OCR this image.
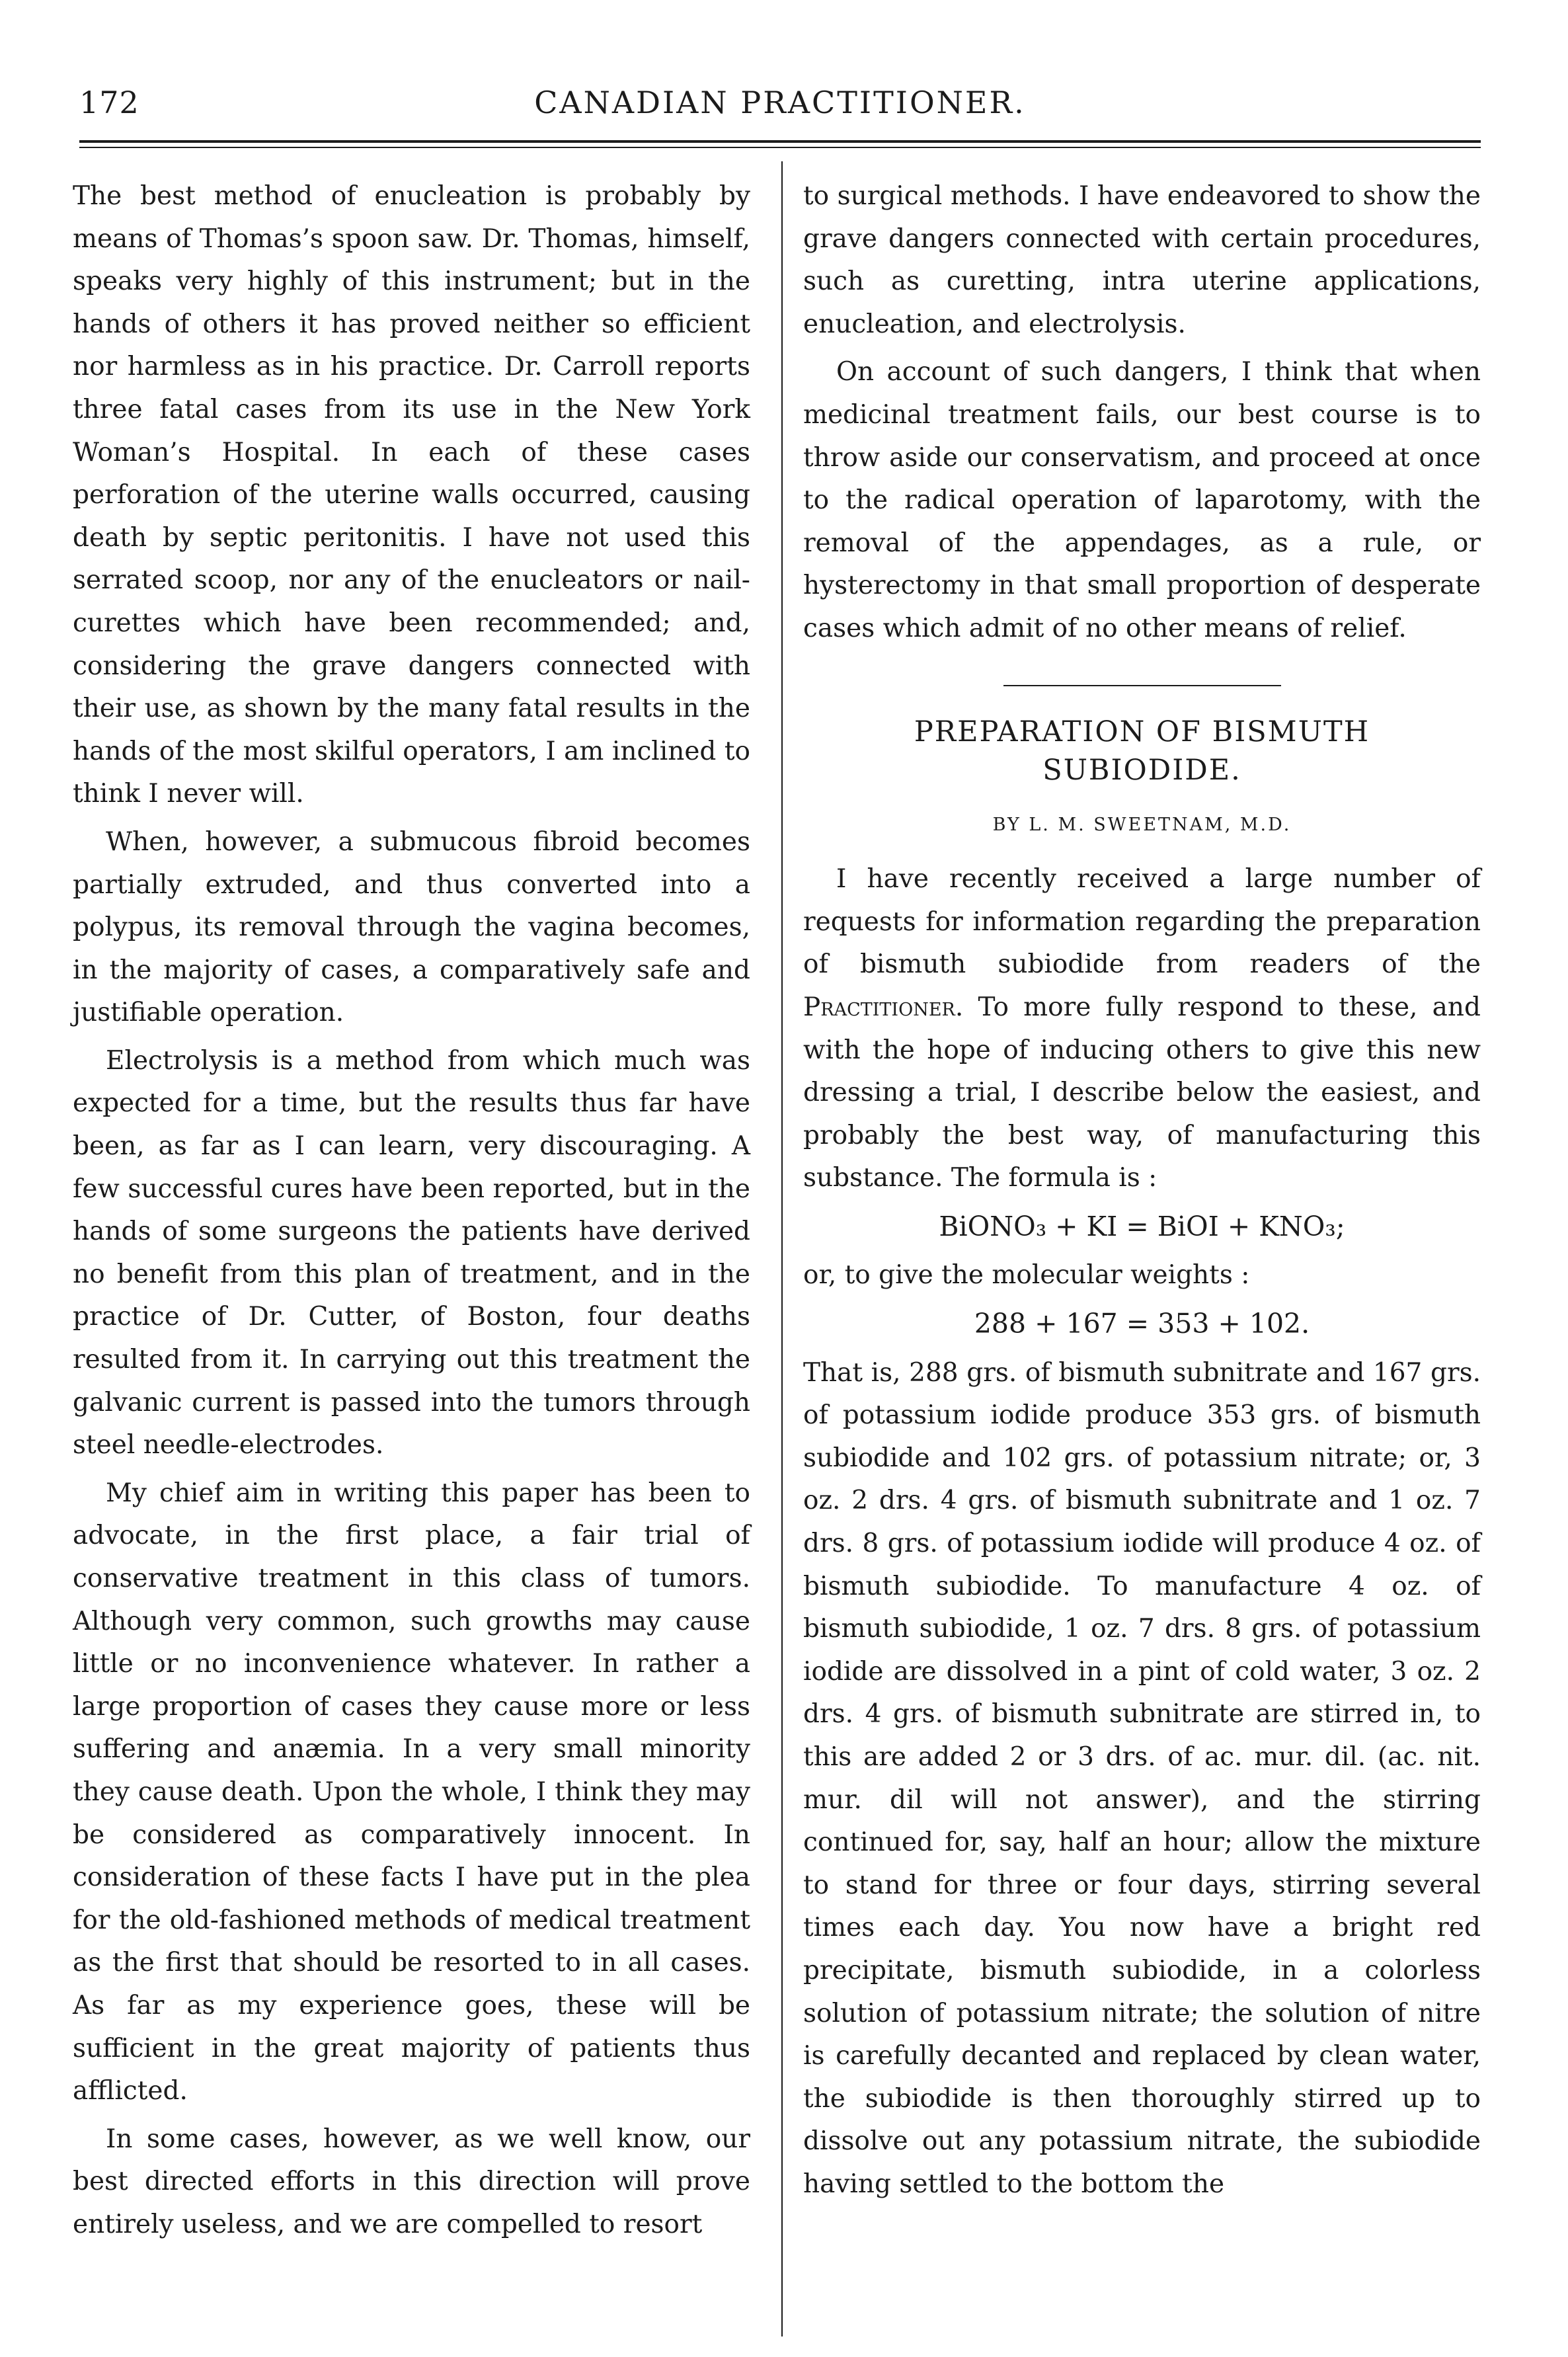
172	CANADIAN PRACTITIONER.

The best method of enucleation is probably by means of Thomas’s spoon saw. Dr. Thomas, himself, speaks very highly of this instrument; but in the hands of others it has proved neither so efficient nor harmless as in his practice. Dr. Carroll reports three fatal cases from its use in the New York Woman’s Hospital. In each of these cases perforation of the uterine walls occurred, causing death by septic peritonitis. I have not used this serrated scoop, nor any of the enucleators or nail-curettes which have been recommended; and, considering the grave dangers connected with their use, as shown by the many fatal results in the hands of the most skilful operators, I am inclined to think I never will.

When, however, a submucous fibroid becomes partially extruded, and thus converted into a polypus, its removal through the vagina becomes, in the majority of cases, a comparatively safe and justifiable operation.

Electrolysis is a method from which much was expected for a time, but the results thus far have been, as far as I can learn, very discouraging. A few successful cures have been reported, but in the hands of some surgeons the patients have derived no benefit from this plan of treatment, and in the practice of Dr. Cutter, of Boston, four deaths resulted from it. In carrying out this treatment the galvanic current is passed into the tumors through steel needle-electrodes.

My chief aim in writing this paper has been to advocate, in the first place, a fair trial of conservative treatment in this class of tumors. Although very common, such growths may cause little or no inconvenience whatever. In rather a large proportion of cases they cause more or less suffering and anæmia. In a very small minority they cause death. Upon the whole, I think they may be considered as comparatively innocent. In consideration of these facts I have put in the plea for the old-fashioned methods of medical treatment as the first that should be resorted to in all cases. As far as my experience goes, these will be sufficient in the great majority of patients thus afflicted.

In some cases, however, as we well know, our best directed efforts in this direction will prove entirely useless, and we are compelled to resort

to surgical methods. I have endeavored to show the grave dangers connected with certain procedures, such as curetting, intra uterine applications, enucleation, and electrolysis.

On account of such dangers, I think that when medicinal treatment fails, our best course is to throw aside our conservatism, and proceed at once to the radical operation of laparotomy, with the removal of the appendages, as a rule, or hysterectomy in that small proportion of desperate cases which admit of no other means of relief.

PREPARATION OF BISMUTH SUBIODIDE.
BY L. M. SWEETNAM, M.D.

I have recently received a large number of requests for information regarding the preparation of bismuth subiodide from readers of the Practitioner. To more fully respond to these, and with the hope of inducing others to give this new dressing a trial, I describe below the easiest, and probably the best way, of manufacturing this substance. The formula is :

BiONO₃ + KI = BiOI + KNO₃;
or, to give the molecular weights :
288 + 167 = 353 + 102.

That is, 288 grs. of bismuth subnitrate and 167 grs. of potassium iodide produce 353 grs. of bismuth subiodide and 102 grs. of potassium nitrate; or, 3 oz. 2 drs. 4 grs. of bismuth subnitrate and 1 oz. 7 drs. 8 grs. of potassium iodide will produce 4 oz. of bismuth subiodide. To manufacture 4 oz. of bismuth subiodide, 1 oz. 7 drs. 8 grs. of potassium iodide are dissolved in a pint of cold water, 3 oz. 2 drs. 4 grs. of bismuth subnitrate are stirred in, to this are added 2 or 3 drs. of ac. mur. dil. (ac. nit. mur. dil will not answer), and the stirring continued for, say, half an hour; allow the mixture to stand for three or four days, stirring several times each day. You now have a bright red precipitate, bismuth subiodide, in a colorless solution of potassium nitrate; the solution of nitre is carefully decanted and replaced by clean water, the subiodide is then thoroughly stirred up to dissolve out any potassium nitrate, the subiodide having settled to the bottom the
